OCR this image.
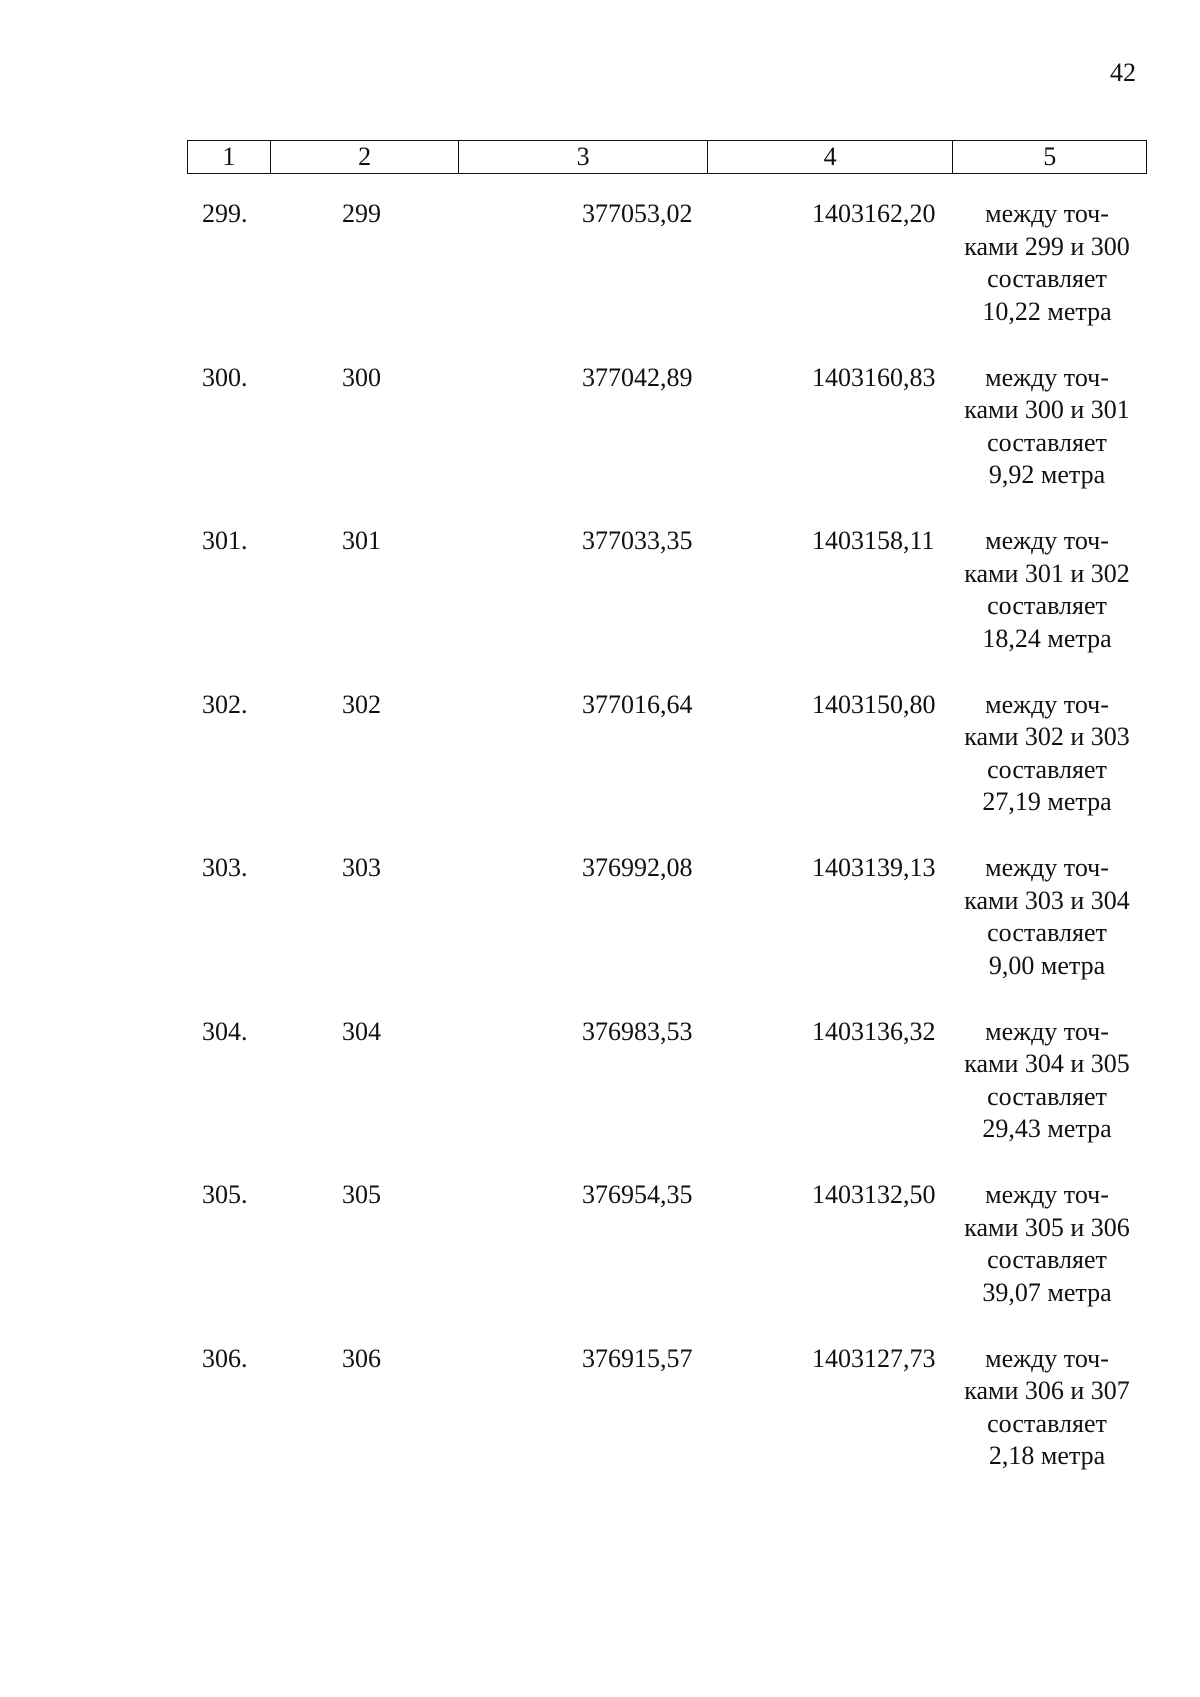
42
1	2	3	4	5
299.	299	377053,02	1403162,20	между точ-
ками 299 и 300
составляет
10,22 метра
300.	300	377042,89	1403160,83	между точ-
ками 300 и 301
составляет
9,92 метра
301.	301	377033,35	1403158,11	между точ-
ками 301 и 302
составляет
18,24 метра
302.	302	377016,64	1403150,80	между точ-
ками 302 и 303
составляет
27,19 метра
303.	303	376992,08	1403139,13	между точ-
ками 303 и 304
составляет
9,00 метра
304.	304	376983,53	1403136,32	между точ-
ками 304 и 305
составляет
29,43 метра
305.	305	376954,35	1403132,50	между точ-
ками 305 и 306
составляет
39,07 метра
306.	306	376915,57	1403127,73	между точ-
ками 306 и 307
составляет
2,18 метра
